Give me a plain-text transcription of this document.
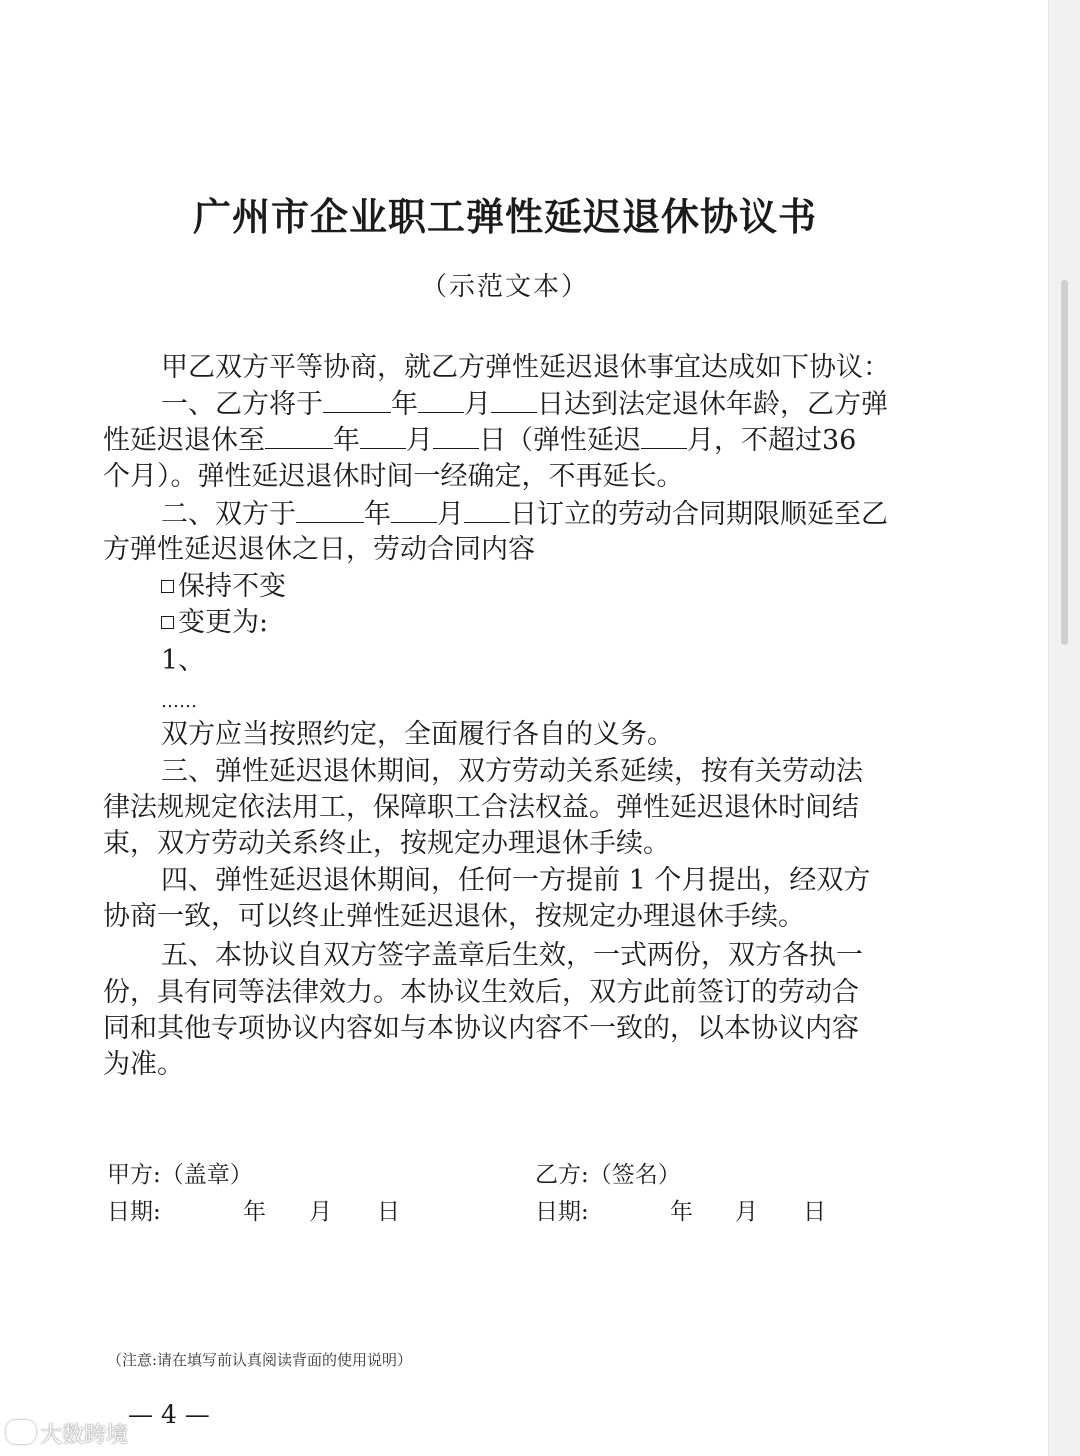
广州市企业职工弹性延迟退休协议书
（示范文本）
甲乙双方平等协商，就乙方弹性延迟退休事宜达成如下协议：
一、乙方将于	年 月 日达到法定退休年龄，乙方弹
性延迟退休至	年 月 日（弹性延迟 月，不超过36
个月）。弹性延迟退休时间一经确定，不再延长。
二、双方于	年 月 日订立的劳动合同期限顺延至乙
方弹性延迟退休之日，劳动合同内容
保持不变
变更为:
1、
……
双方应当按照约定，全面履行各自的义务。
三、弹性延迟退休期间，双方劳动关系延续，按有关劳动法
律法规规定依法用工，保障职工合法权益。弹性延迟退休时间结
束，双方劳动关系终止，按规定办理退休手续。
四、弹性延迟退休期间，任何一方提前 1 个月提出，经双方
协商一致，可以终止弹性延迟退休，按规定办理退休手续。
五、本协议自双方签字盖章后生效，一式两份，双方各执一
份，具有同等法律效力。本协议生效后，双方此前签订的劳动合
同和其他专项协议内容如与本协议内容不一致的，以本协议内容
为准。
甲方:（盖章）	乙方:（签名）
日期:	年 月 日	日期:	年 月 日
（注意:请在填写前认真阅读背面的使用说明）
— 4 —
大数跨境
